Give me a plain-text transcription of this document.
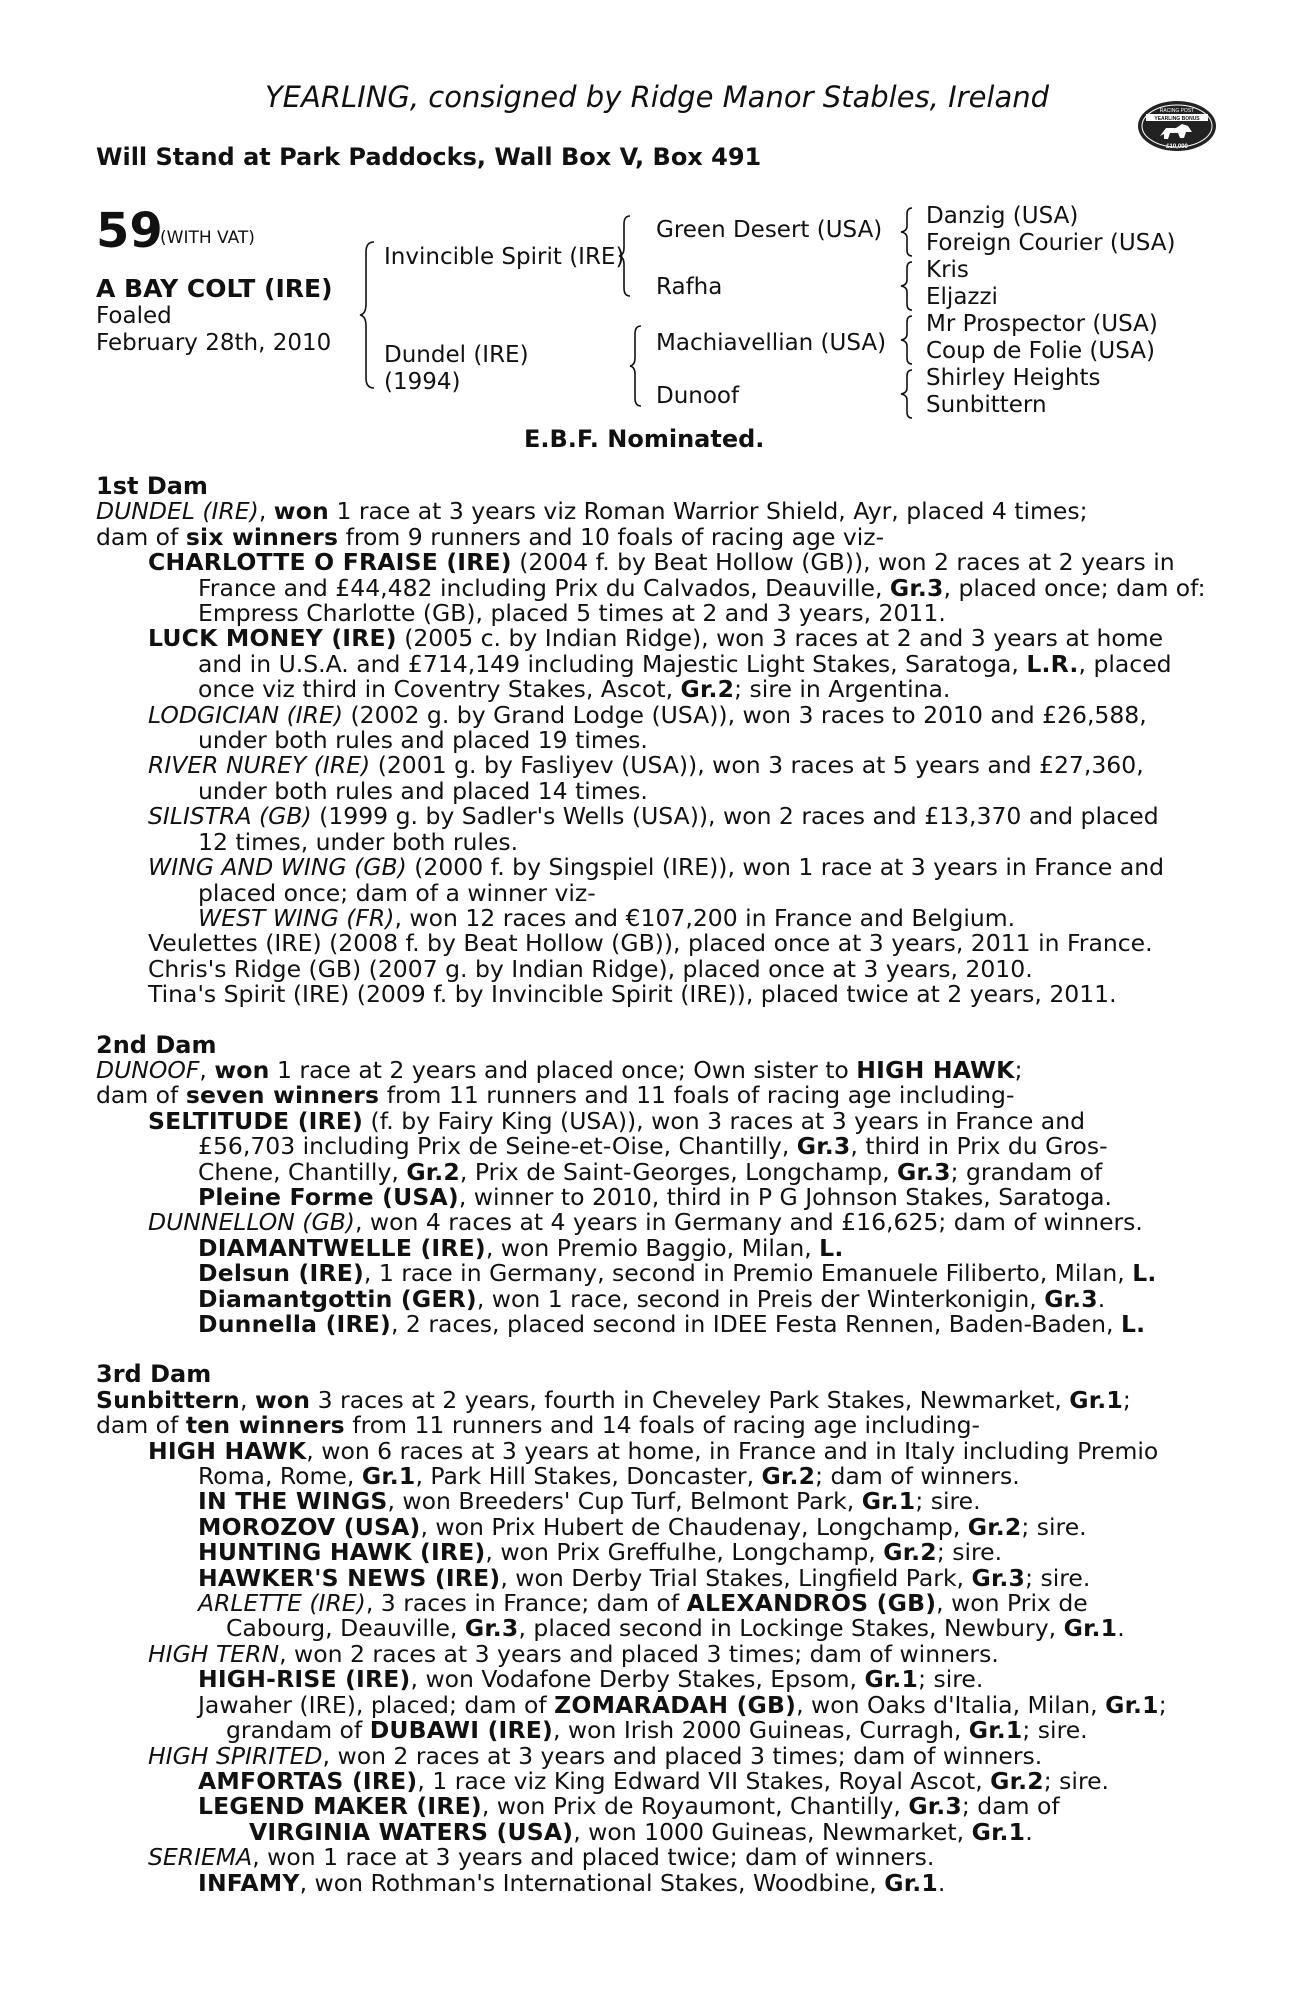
YEARLING, consigned by Ridge Manor Stables, Ireland
Will Stand at Park Paddocks, Wall Box V, Box 491
RACING POST
YEARLING BONUS
£10,000
59
(WITH VAT)
A BAY COLT (IRE)
Foaled
February 28th, 2010
Invincible Spirit (IRE)
Dundel (IRE)
(1994)
Green Desert (USA)
Rafha
Machiavellian (USA)
Dunoof
Danzig (USA)
Foreign Courier (USA)
Kris
Eljazzi
Mr Prospector (USA)
Coup de Folie (USA)
Shirley Heights
Sunbittern
E.B.F. Nominated.
1st Dam
DUNDEL (IRE), won 1 race at 3 years viz Roman Warrior Shield, Ayr, placed 4 times;
dam of six winners from 9 runners and 10 foals of racing age viz-
CHARLOTTE O FRAISE (IRE) (2004 f. by Beat Hollow (GB)), won 2 races at 2 years in
France and £44,482 including Prix du Calvados, Deauville, Gr.3, placed once; dam of:
Empress Charlotte (GB), placed 5 times at 2 and 3 years, 2011.
LUCK MONEY (IRE) (2005 c. by Indian Ridge), won 3 races at 2 and 3 years at home
and in U.S.A. and £714,149 including Majestic Light Stakes, Saratoga, L.R., placed
once viz third in Coventry Stakes, Ascot, Gr.2; sire in Argentina.
LODGICIAN (IRE) (2002 g. by Grand Lodge (USA)), won 3 races to 2010 and £26,588,
under both rules and placed 19 times.
RIVER NUREY (IRE) (2001 g. by Fasliyev (USA)), won 3 races at 5 years and £27,360,
under both rules and placed 14 times.
SILISTRA (GB) (1999 g. by Sadler's Wells (USA)), won 2 races and £13,370 and placed
12 times, under both rules.
WING AND WING (GB) (2000 f. by Singspiel (IRE)), won 1 race at 3 years in France and
placed once; dam of a winner viz-
WEST WING (FR), won 12 races and €107,200 in France and Belgium.
Veulettes (IRE) (2008 f. by Beat Hollow (GB)), placed once at 3 years, 2011 in France.
Chris's Ridge (GB) (2007 g. by Indian Ridge), placed once at 3 years, 2010.
Tina's Spirit (IRE) (2009 f. by Invincible Spirit (IRE)), placed twice at 2 years, 2011.
2nd Dam
DUNOOF, won 1 race at 2 years and placed once; Own sister to HIGH HAWK;
dam of seven winners from 11 runners and 11 foals of racing age including-
SELTITUDE (IRE) (f. by Fairy King (USA)), won 3 races at 3 years in France and
£56,703 including Prix de Seine-et-Oise, Chantilly, Gr.3, third in Prix du Gros-
Chene, Chantilly, Gr.2, Prix de Saint-Georges, Longchamp, Gr.3; grandam of
Pleine Forme (USA), winner to 2010, third in P G Johnson Stakes, Saratoga.
DUNNELLON (GB), won 4 races at 4 years in Germany and £16,625; dam of winners.
DIAMANTWELLE (IRE), won Premio Baggio, Milan, L.
Delsun (IRE), 1 race in Germany, second in Premio Emanuele Filiberto, Milan, L.
Diamantgottin (GER), won 1 race, second in Preis der Winterkonigin, Gr.3.
Dunnella (IRE), 2 races, placed second in IDEE Festa Rennen, Baden-Baden, L.
3rd Dam
Sunbittern, won 3 races at 2 years, fourth in Cheveley Park Stakes, Newmarket, Gr.1;
dam of ten winners from 11 runners and 14 foals of racing age including-
HIGH HAWK, won 6 races at 3 years at home, in France and in Italy including Premio
Roma, Rome, Gr.1, Park Hill Stakes, Doncaster, Gr.2; dam of winners.
IN THE WINGS, won Breeders' Cup Turf, Belmont Park, Gr.1; sire.
MOROZOV (USA), won Prix Hubert de Chaudenay, Longchamp, Gr.2; sire.
HUNTING HAWK (IRE), won Prix Greffulhe, Longchamp, Gr.2; sire.
HAWKER'S NEWS (IRE), won Derby Trial Stakes, Lingfield Park, Gr.3; sire.
ARLETTE (IRE), 3 races in France; dam of ALEXANDROS (GB), won Prix de
Cabourg, Deauville, Gr.3, placed second in Lockinge Stakes, Newbury, Gr.1.
HIGH TERN, won 2 races at 3 years and placed 3 times; dam of winners.
HIGH-RISE (IRE), won Vodafone Derby Stakes, Epsom, Gr.1; sire.
Jawaher (IRE), placed; dam of ZOMARADAH (GB), won Oaks d'Italia, Milan, Gr.1;
grandam of DUBAWI (IRE), won Irish 2000 Guineas, Curragh, Gr.1; sire.
HIGH SPIRITED, won 2 races at 3 years and placed 3 times; dam of winners.
AMFORTAS (IRE), 1 race viz King Edward VII Stakes, Royal Ascot, Gr.2; sire.
LEGEND MAKER (IRE), won Prix de Royaumont, Chantilly, Gr.3; dam of
VIRGINIA WATERS (USA), won 1000 Guineas, Newmarket, Gr.1.
SERIEMA, won 1 race at 3 years and placed twice; dam of winners.
INFAMY, won Rothman's International Stakes, Woodbine, Gr.1.
